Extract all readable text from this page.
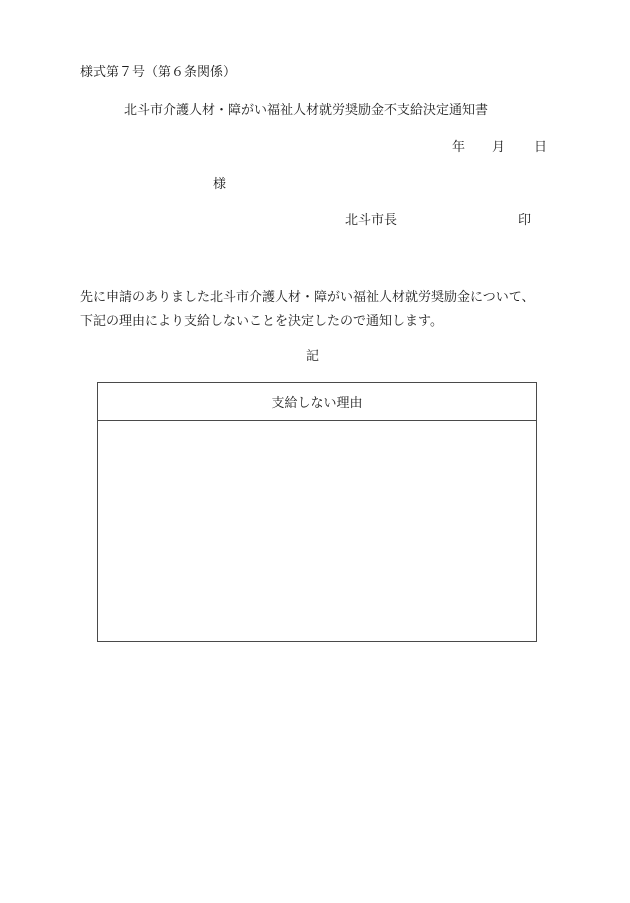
様式第７号（第６条関係）
北斗市介護人材・障がい福祉人材就労奨励金不支給決定通知書
年 月 日
様
北斗市長	印
先に申請のありました北斗市介護人材・障がい福祉人材就労奨励金について、
下記の理由により支給しないことを決定したので通知します。
記
支給しない理由
